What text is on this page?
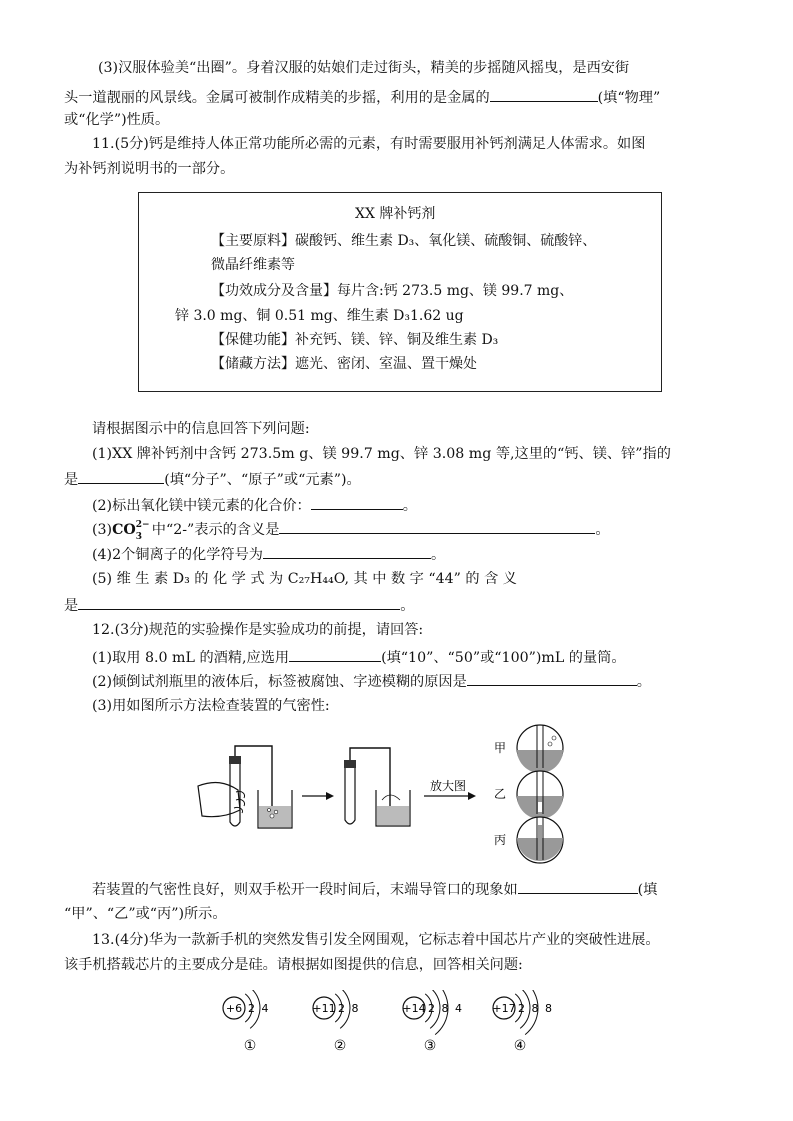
(3)汉服体验美“出圈”。身着汉服的姑娘们走过街头，精美的步摇随风摇曳，是西安街
头一道靓丽的风景线。金属可被制作成精美的步摇，利用的是金属的	(填“物理”
或“化学”)性质。
11.(5分)钙是维持人体正常功能所必需的元素，有时需要服用补钙剂满足人体需求。如图
为补钙剂说明书的一部分。
XX 牌补钙剂
【主要原料】碳酸钙、维生素 D₃、氧化镁、硫酸铜、硫酸锌、
微晶纤维素等
【功效成分及含量】每片含:钙 273.5 mg、镁 99.7 mg、
锌 3.0 mg、铜 0.51 mg、维生素 D₃1.62 ug
【保健功能】补充钙、镁、锌、铜及维生素 D₃
【储藏方法】遮光、密闭、室温、置干燥处
请根据图示中的信息回答下列问题:
(1)XX 牌补钙剂中含钙 273.5m g、镁 99.7 mg、锌 3.08 mg 等,这里的“钙、镁、锌”指的
是	(填“分子”、“原子”或“元素”)。
(2)标出氧化镁中镁元素的化合价：	。
(3)CO 2−
3 中“2-”表示的含义是	。
(4)2个铜离子的化学符号为	。
(5) 维 生 素 D₃ 的 化 学 式 为 C₂₇H₄₄O, 其 中 数 字 “44” 的 含 义
是	。
12.(3分)规范的实验操作是实验成功的前提，请回答:
(1)取用 8.0 mL 的酒精,应选用	(填“10”、“50”或“100”)mL 的量筒。
(2)倾倒试剂瓶里的液体后，标签被腐蚀、字迹模糊的原因是	。
(3)用如图所示方法检查装置的气密性:
放大图
甲
乙
丙
若装置的气密性良好，则双手松开一段时间后，末端导管口的现象如	(填
“甲”、“乙”或“丙”)所示。
13.(4分)华为一款新手机的突然发售引发全网围观，它标志着中国芯片产业的突破性进展。
该手机搭载芯片的主要成分是硅。请根据如图提供的信息，回答相关问题:
+6 2 4
①
+11 2 8
②
+14 2 8 4
③
+17 2 8 8
④
